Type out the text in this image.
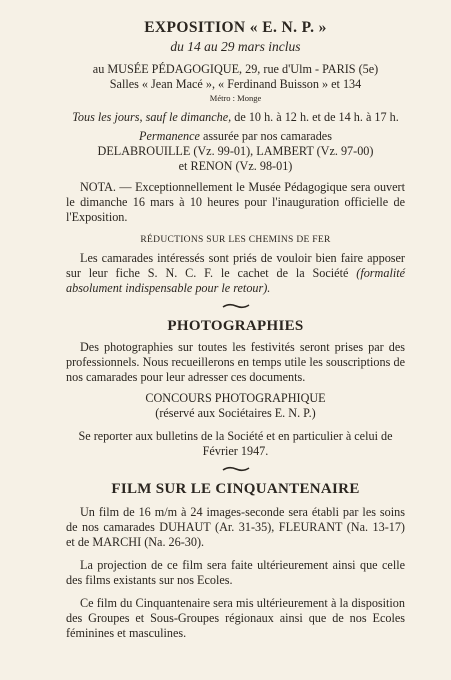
EXPOSITION « E. N. P. »
du 14 au 29 mars inclus

au MUSÉE PÉDAGOGIQUE, 29, rue d'Ulm - PARIS (5e)

Salles « Jean Macé », « Ferdinand Buisson » et 134

Métro : Monge

Tous les jours, sauf le dimanche, de 10 h. à 12 h. et de 14 h. à 17 h.

Permanence assurée par nos camarades

DELABROUILLE (Vz. 99-01), LAMBERT (Vz. 97-00)

et RENON (Vz. 98-01)

NOTA. — Exceptionnellement le Musée Pédagogique sera ouvert le dimanche 16 mars à 10 heures pour l'inauguration officielle de l'Exposition.

RÉDUCTIONS SUR LES CHEMINS DE FER

Les camarades intéressés sont priés de vouloir bien faire apposer sur leur fiche S. N. C. F. le cachet de la Société (formalité absolument indispensable pour le retour).

PHOTOGRAPHIES

Des photographies sur toutes les festivités seront prises par des professionnels. Nous recueillerons en temps utile les souscriptions de nos camarades pour leur adresser ces documents.

CONCOURS PHOTOGRAPHIQUE

(réservé aux Sociétaires E. N. P.)

Se reporter aux bulletins de la Société et en particulier à celui de Février 1947.

FILM SUR LE CINQUANTENAIRE

Un film de 16 m/m à 24 images-seconde sera établi par les soins de nos camarades DUHAUT (Ar. 31-35), FLEURANT (Na. 13-17) et de MARCHI (Na. 26-30).

La projection de ce film sera faite ultérieurement ainsi que celle des films existants sur nos Ecoles.

Ce film du Cinquantenaire sera mis ultérieurement à la disposition des Groupes et Sous-Groupes régionaux ainsi que de nos Ecoles féminines et masculines.
